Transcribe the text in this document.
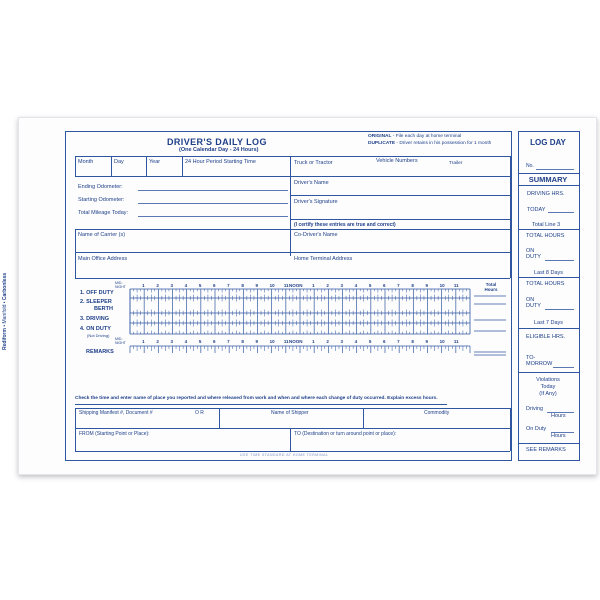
Rediform • Manifold • Carbonless
DRIVER'S DAILY LOG
(One Calendar Day - 24 Hours)
ORIGINAL - File each day at home terminal
DUPLICATE - Driver retains in his possession for 1 month
Month	Day	Year	24 Hour Period Starting Time	Truck or Tractor	Vehicle Numbers	Trailer
Ending Odometer:
Starting Odometer:
Total Mileage Today:
Driver's Name
Driver's Signature
(I certify these entries are true and correct)
Co-Driver's Name
Name of Carrier (s)
Main Office Address	Home Terminal Address
MID-NIGHT	1	2	3	4	5	6	7	8	9	10 11 NOON 1	2	3	4	5	6	7	8	9	10 11	Total Hours
1. OFF DUTY
2. SLEEPER
BERTH
3. DRIVING
4. ON DUTY
(Not Driving)
REMARKS
MID-NIGHT	1	2	3	4	5	6	7	8	9	10 11 NOON 1	2	3	4	5	6	7	8	9	10 11
Check the time and enter name of place you reported and where released from work and when and where each change of duty occurred. Explain excess hours.
Shipping Manifest #, Document #	O R	Name of Shipper	Commodity
FROM (Starting Point or Place):	TO (Destination or turn around point or place):
USE TIME STANDARD AT HOME TERMINAL
LOG DAY
No.
SUMMARY
DRIVING HRS.
TODAY
Total Line 3
TOTAL HOURS
ON
DUTY
Last 8 Days
TOTAL HOURS
ON
DUTY
Last 7 Days
ELIGIBLE HRS.
TO-
MORROW
Violations
Today
(If Any)
Driving
Hours
On Duty
Hours
SEE REMARKS
